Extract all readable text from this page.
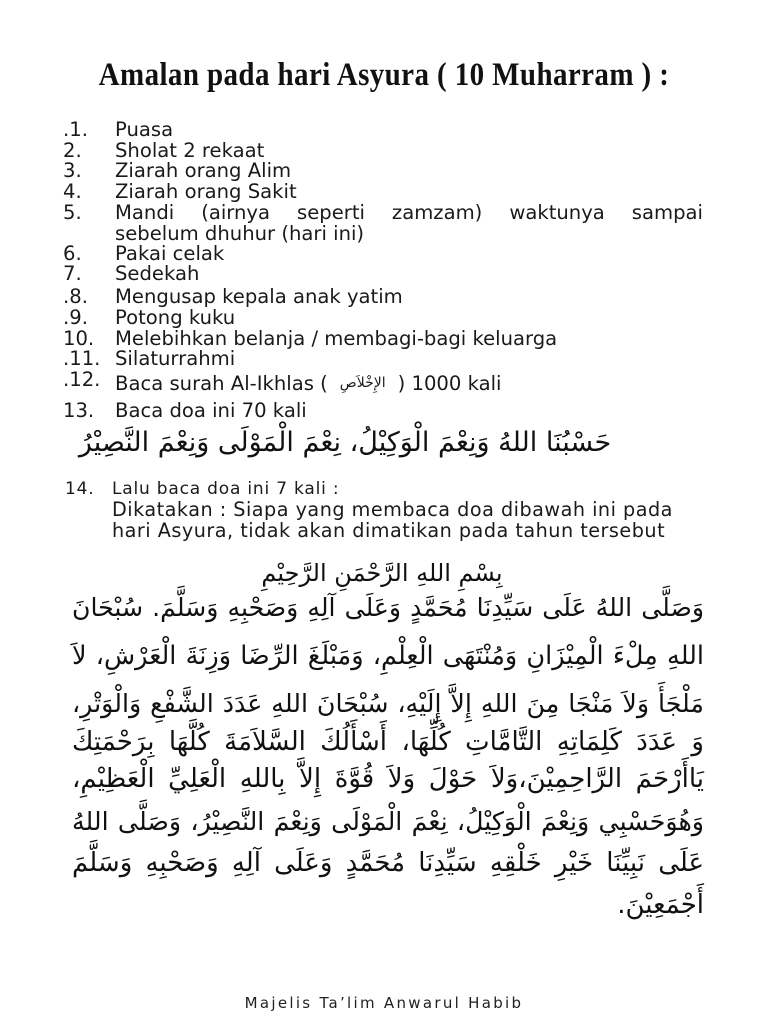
Amalan pada hari Asyura ( 10 Muharram ) :
.1. Puasa
2. Sholat 2 rekaat
3. Ziarah orang Alim
4. Ziarah orang Sakit
5. Mandi (airnya seperti zamzam) waktunya sampai
sebelum dhuhur (hari ini)
6. Pakai celak
7. Sedekah
.8. Mengusap kepala anak yatim
.9. Potong kuku
10. Melebihkan belanja / membagi-bagi keluarga
.11. Silaturrahmi
.12. Baca surah Al-Ikhlas ( الإِخْلاَصِ ) 1000 kali
13. Baca doa ini 70 kali
حَسْبُنَا اللهُ وَنِعْمَ الْوَكِيْلُ، نِعْمَ الْمَوْلَى وَنِعْمَ النَّصِيْرُ
14. Lalu baca doa ini 7 kali :
Dikatakan : Siapa yang membaca doa dibawah ini pada
hari Asyura, tidak akan dimatikan pada tahun tersebut
بِسْمِ اللهِ الرَّحْمَنِ الرَّحِيْمِ
وَصَلَّى اللهُ عَلَى سَيِّدِنَا مُحَمَّدٍ وَعَلَى آلِهِ وَصَحْبِهِ وَسَلَّمَ. سُبْحَانَ
اللهِ مِلْءَ الْمِيْزَانِ وَمُنْتَهَى الْعِلْمِ، وَمَبْلَغَ الرِّضَا وَزِنَةَ الْعَرْشِ، لاَ
مَلْجَأَ وَلاَ مَنْجَا مِنَ اللهِ إِلاَّ إِلَيْهِ، سُبْحَانَ اللهِ عَدَدَ الشَّفْعِ وَالْوَتْرِ،
وَ عَدَدَ كَلِمَاتِهِ التَّامَّاتِ كُلِّهَا، أَسْأَلُكَ السَّلاَمَةَ كُلَّهَا بِرَحْمَتِكَ
يَاأَرْحَمَ الرَّاحِمِيْنَ،وَلاَ حَوْلَ وَلاَ قُوَّةَ إِلاَّ بِاللهِ الْعَلِيِّ الْعَظِيْمِ،
وَهُوَحَسْبِي وَنِعْمَ الْوَكِيْلُ، نِعْمَ الْمَوْلَى وَنِعْمَ النَّصِيْرُ، وَصَلَّى اللهُ
عَلَى نَبِيِّنَا خَيْرِ خَلْقِهِ سَيِّدِنَا مُحَمَّدٍ وَعَلَى آلِهِ وَصَحْبِهِ وَسَلَّمَ
أَجْمَعِيْنَ.
Majelis Ta’lim Anwarul Habib
